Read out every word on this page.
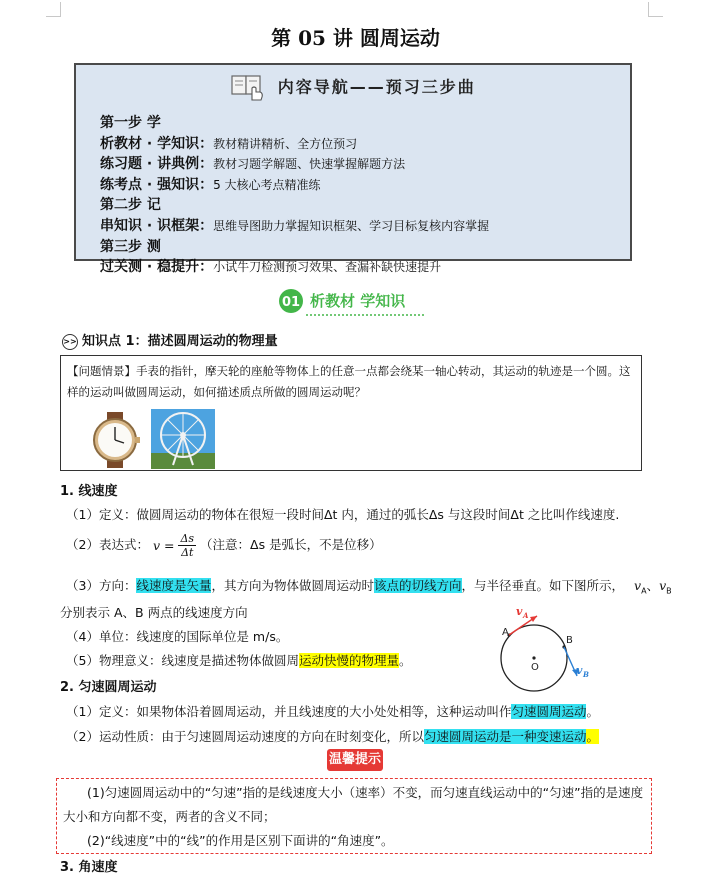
第 05 讲 圆周运动
内容导航——预习三步曲
第一步 学
析教材 · 学知识：教材精讲精析、全方位预习
练习题 · 讲典例：教材习题学解题、快速掌握解题方法
练考点 · 强知识：5 大核心考点精准练
第二步 记
串知识 · 识框架：思维导图助力掌握知识框架、学习目标复核内容掌握
第三步 测
过关测 · 稳提升：小试牛刀检测预习效果、查漏补缺快速提升
01 析教材 学知识
>> 知识点 1：描述圆周运动的物理量
【问题情景】手表的指针，摩天轮的座舱等物体上的任意一点都会绕某一轴心转动，其运动的轨迹是一个圆。这样的运动叫做圆周运动，如何描述质点所做的圆周运动呢？
1. 线速度
（1）定义：做圆周运动的物体在很短一段时间Δt 内，通过的弧长Δs 与这段时间Δt 之比叫作线速度.
（2）表达式： $v = \frac{\Delta s}{\Delta t}$ （注意：Δs 是弧长，不是位移）
（3）方向：线速度是矢量，其方向为物体做圆周运动时该点的切线方向，与半径垂直。如下图所示， $v_A$、$v_B$
分别表示 A、B 两点的线速度方向
（4）单位：线速度的国际单位是 m/s。
（5）物理意义：线速度是描述物体做圆周运动快慢的物理量。
A
B
O
v A
v B
2. 匀速圆周运动
（1）定义：如果物体沿着圆周运动，并且线速度的大小处处相等，这种运动叫作匀速圆周运动。
（2）运动性质：由于匀速圆周运动速度的方向在时刻变化，所以匀速圆周运动是一种变速运动。
温馨提示
(1)匀速圆周运动中的“匀速”指的是线速度大小（速率）不变，而匀速直线运动中的“匀速”指的是速度大小和方向都不变，两者的含义不同；
(2)“线速度”中的“线”的作用是区别下面讲的“角速度”。
3. 角速度
